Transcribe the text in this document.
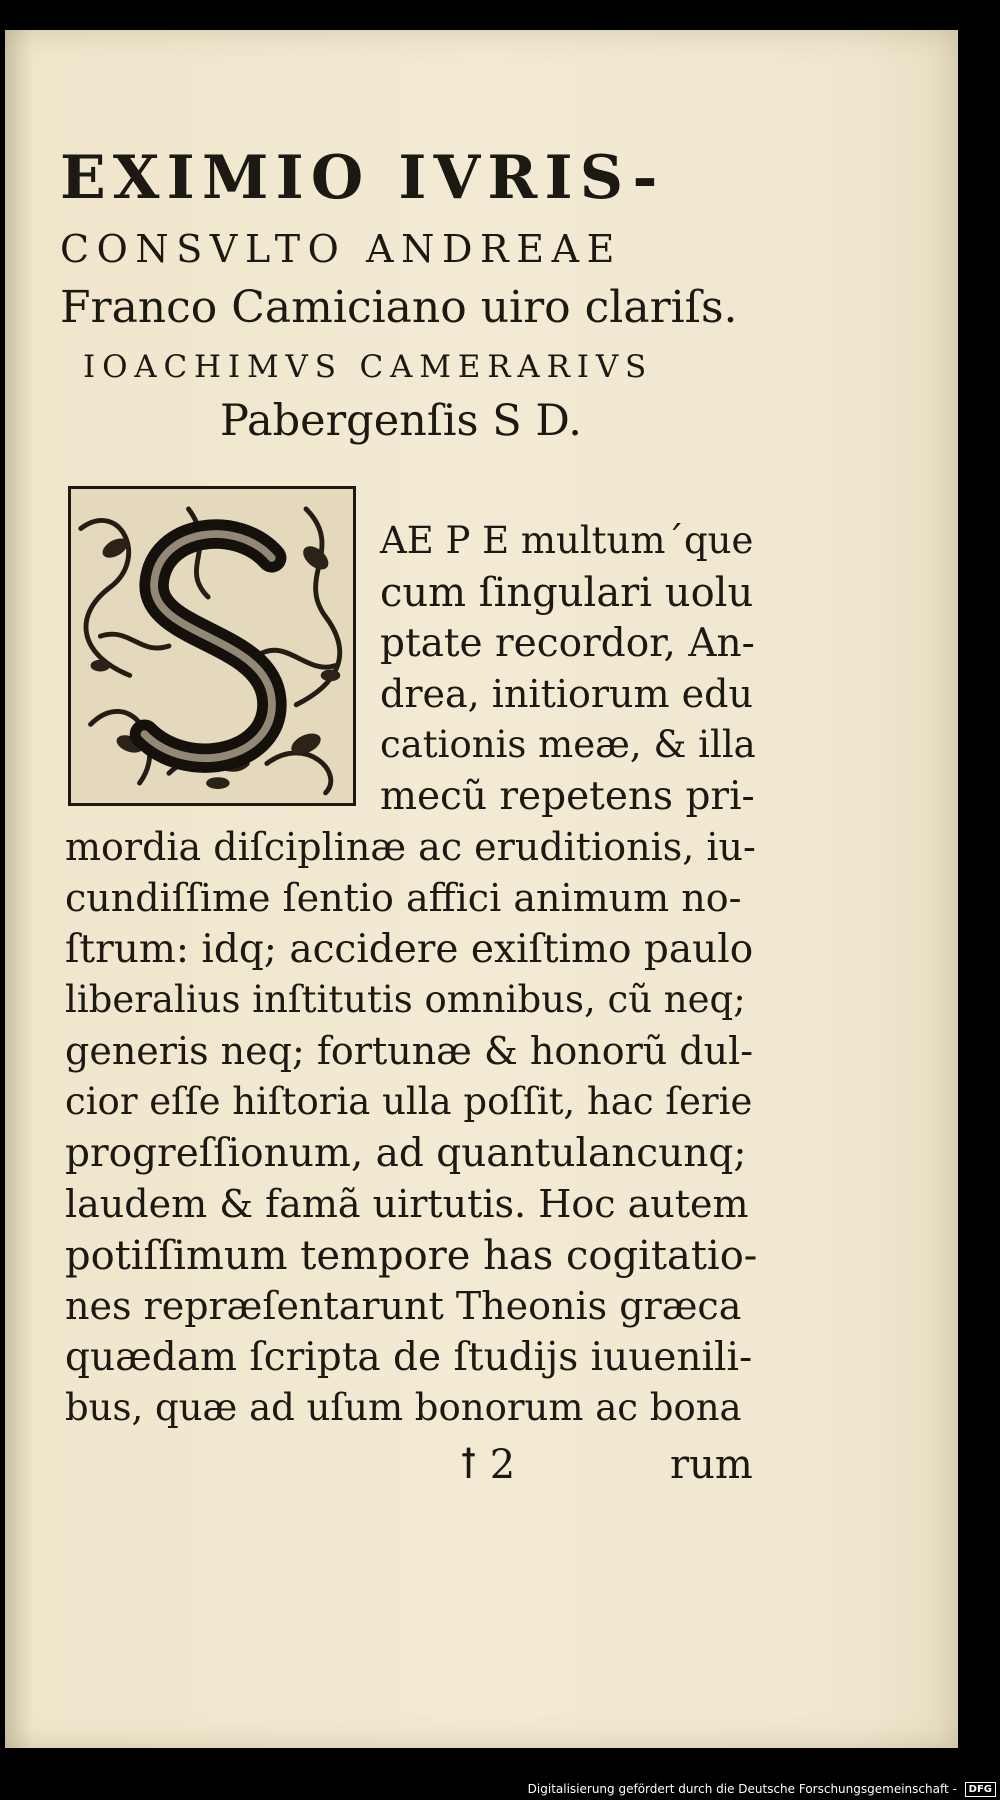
EXIMIO IVRIS-

CONSVLTO ANDREAE

Franco Camiciano uiro clariſs.

IOACHIMVS CAMERARIVS

Pabergenſis S D.

AE P E multum´que

cum ſingulari uolu

ptate recordor, An-

drea, initiorum edu

cationis meæ, & illa

mecũ repetens pri-

mordia diſciplinæ ac eruditionis, iu-

cundiſſime ſentio affici animum no-

ſtrum: idq; accidere exiſtimo paulo

liberalius inſtitutis omnibus, cũ neq;

generis neq; fortunæ & honorũ dul-

cior eſſe hiſtoria ulla poſſit, hac ſerie

progreſſionum, ad quantulancunq;

laudem & famã uirtutis. Hoc autem

potiſſimum tempore has cogitatio-

nes repræſentarunt Theonis græca

quædam ſcripta de ſtudijs iuuenili-

bus, quæ ad uſum bonorum ac bona

ꝉ 2	rum
Digitalisierung gefördert durch die Deutsche Forschungsgemeinschaft - DFG
